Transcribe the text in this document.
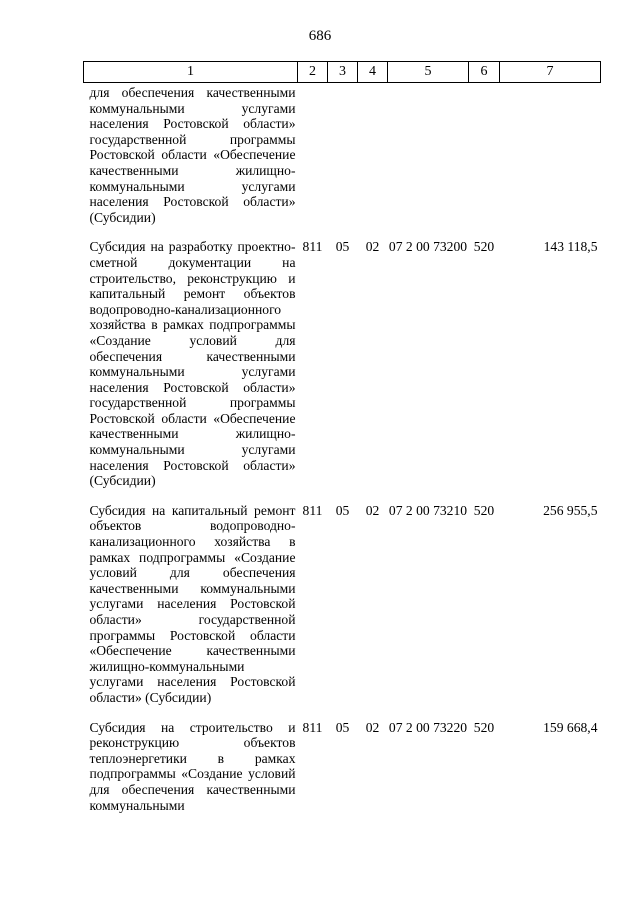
686
1	2	3	4	5	6	7
для обеспечения качественными коммунальными услугами населения Ростовской области» государственной программы Ростовской области «Обеспечение качественными жилищно-коммунальными услугами населения Ростовской области» (Субсидии)						

Субсидия на разработку проектно-сметной документации на строительство, реконструкцию и капитальный ремонт объектов водопроводно-канализационного хозяйства в рамках подпрограммы «Создание условий для обеспечения качественными коммунальными услугами населения Ростовской области» государственной программы Ростовской области «Обеспечение качественными жилищно-коммунальными услугами населения Ростовской области» (Субсидии)	811	05	02	07 2 00 73200	520	143 118,5

Субсидия на капитальный ремонт объектов водопроводно-канализационного хозяйства в рамках подпрограммы «Создание условий для обеспечения качественными коммунальными услугами населения Ростовской области» государственной программы Ростовской области «Обеспечение качественными жилищно-коммунальными услугами населения Ростовской области» (Субсидии)	811	05	02	07 2 00 73210	520	256 955,5

Субсидия на строительство и реконструкцию объектов теплоэнергетики в рамках подпрограммы «Создание условий для обеспечения качественными коммунальными	811	05	02	07 2 00 73220	520	159 668,4
